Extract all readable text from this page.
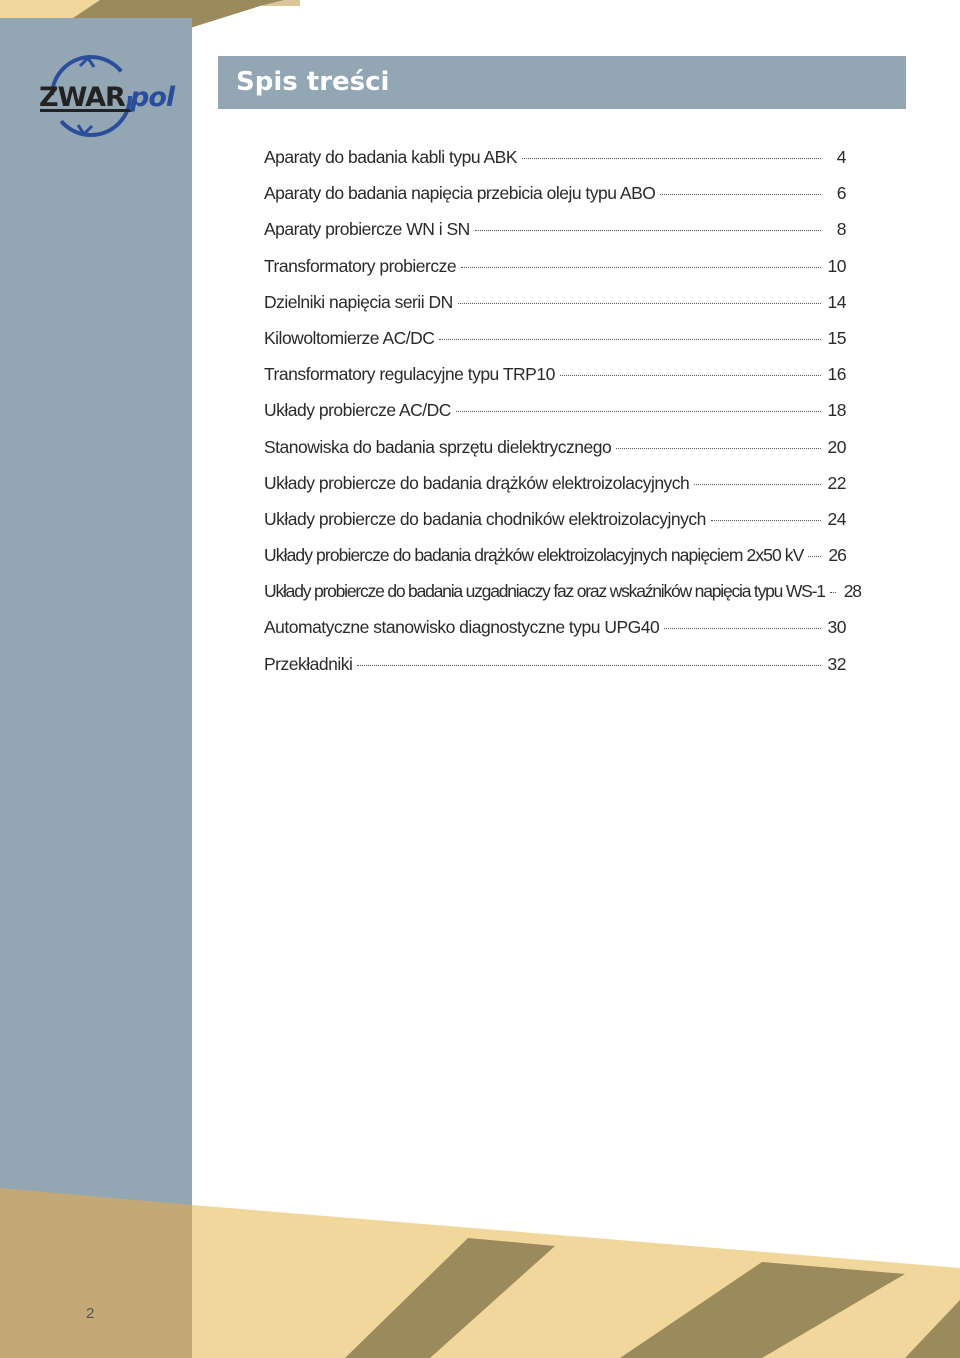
ZWAR pol Spis treści
Aparaty do badania kabli typu ABK	4
Aparaty do badania napięcia przebicia oleju typu ABO	6
Aparaty probiercze WN i SN	8
Transformatory probiercze	10
Dzielniki napięcia serii DN	14
Kilowoltomierze AC/DC	15
Transformatory regulacyjne typu TRP10	16
Układy probiercze AC/DC	18
Stanowiska do badania sprzętu dielektrycznego	20
Układy probiercze do badania drążków elektroizolacyjnych	22
Układy probiercze do badania chodników elektroizolacyjnych	24
Układy probiercze do badania drążków elektroizolacyjnych napięciem 2x50 kV 26
Układy probiercze do badania uzgadniaczy faz oraz wskaźników napięcia typu WS-1 28
Automatyczne stanowisko diagnostyczne typu UPG40	30
Przekładniki	32
2
